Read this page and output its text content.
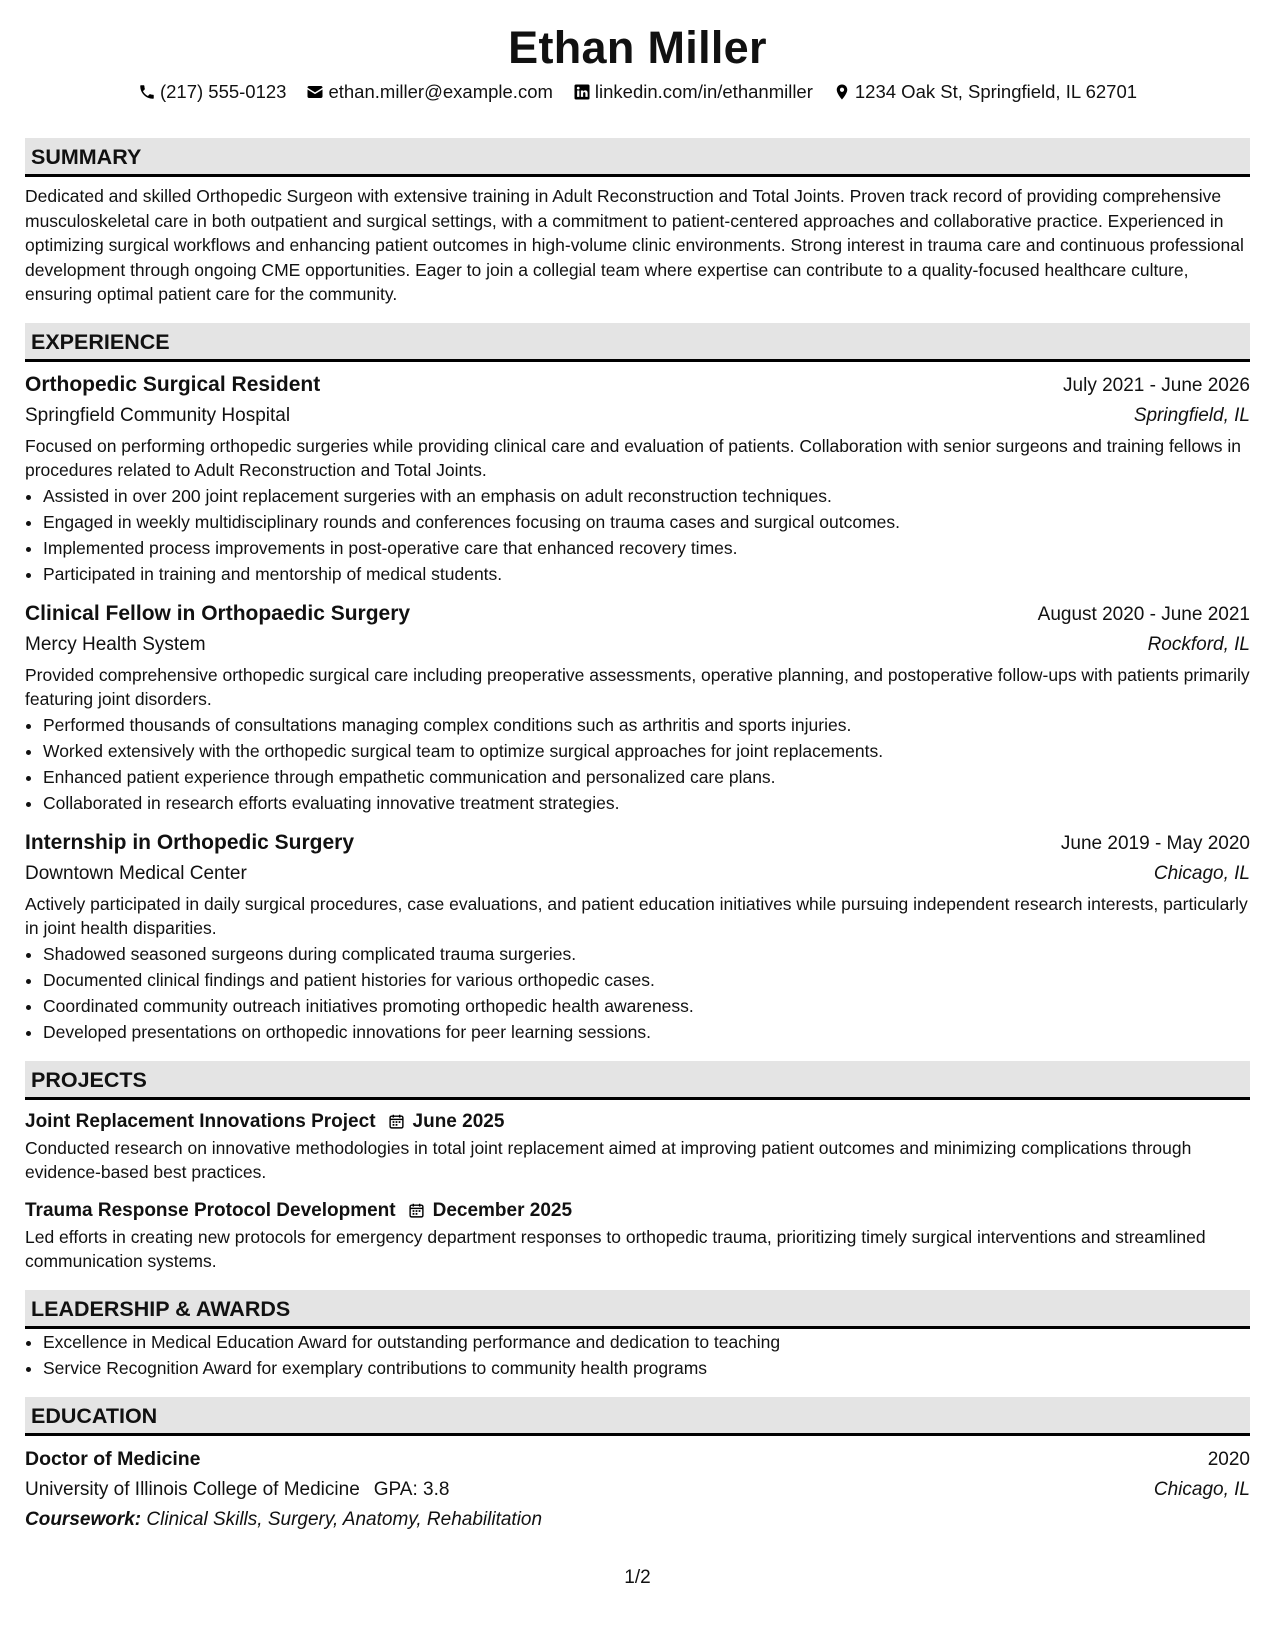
Ethan Miller
(217) 555-0123 ethan.miller@example.com linkedin.com/in/ethanmiller 1234 Oak St, Springfield, IL 62701
SUMMARY

Dedicated and skilled Orthopedic Surgeon with extensive training in Adult Reconstruction and Total Joints. Proven track record of providing comprehensive musculoskeletal care in both outpatient and surgical settings, with a commitment to patient-centered approaches and collaborative practice. Experienced in optimizing surgical workflows and enhancing patient outcomes in high-volume clinic environments. Strong interest in trauma care and continuous professional development through ongoing CME opportunities. Eager to join a collegial team where expertise can contribute to a quality-focused healthcare culture, ensuring optimal patient care for the community.

EXPERIENCE
Orthopedic Surgical Resident	July 2021 - June 2026
Springfield Community Hospital	Springfield, IL

Focused on performing orthopedic surgeries while providing clinical care and evaluation of patients. Collaboration with senior surgeons and training fellows in procedures related to Adult Reconstruction and Total Joints.

• Assisted in over 200 joint replacement surgeries with an emphasis on adult reconstruction techniques.
• Engaged in weekly multidisciplinary rounds and conferences focusing on trauma cases and surgical outcomes.
• Implemented process improvements in post-operative care that enhanced recovery times.
• Participated in training and mentorship of medical students.
Clinical Fellow in Orthopaedic Surgery	August 2020 - June 2021
Mercy Health System	Rockford, IL

Provided comprehensive orthopedic surgical care including preoperative assessments, operative planning, and postoperative follow-ups with patients primarily featuring joint disorders.

• Performed thousands of consultations managing complex conditions such as arthritis and sports injuries.
• Worked extensively with the orthopedic surgical team to optimize surgical approaches for joint replacements.
• Enhanced patient experience through empathetic communication and personalized care plans.
• Collaborated in research efforts evaluating innovative treatment strategies.
Internship in Orthopedic Surgery	June 2019 - May 2020
Downtown Medical Center	Chicago, IL

Actively participated in daily surgical procedures, case evaluations, and patient education initiatives while pursuing independent research interests, particularly in joint health disparities.

• Shadowed seasoned surgeons during complicated trauma surgeries.
• Documented clinical findings and patient histories for various orthopedic cases.
• Coordinated community outreach initiatives promoting orthopedic health awareness.
• Developed presentations on orthopedic innovations for peer learning sessions.
PROJECTS
Joint Replacement Innovations Project June 2025

Conducted research on innovative methodologies in total joint replacement aimed at improving patient outcomes and minimizing complications through evidence-based best practices.

Trauma Response Protocol Development December 2025

Led efforts in creating new protocols for emergency department responses to orthopedic trauma, prioritizing timely surgical interventions and streamlined communication systems.

LEADERSHIP & AWARDS
• Excellence in Medical Education Award for outstanding performance and dedication to teaching
• Service Recognition Award for exemplary contributions to community health programs
EDUCATION
Doctor of Medicine	2020
University of Illinois College of Medicine GPA: 3.8	Chicago, IL
Coursework: Clinical Skills, Surgery, Anatomy, Rehabilitation
1/2
